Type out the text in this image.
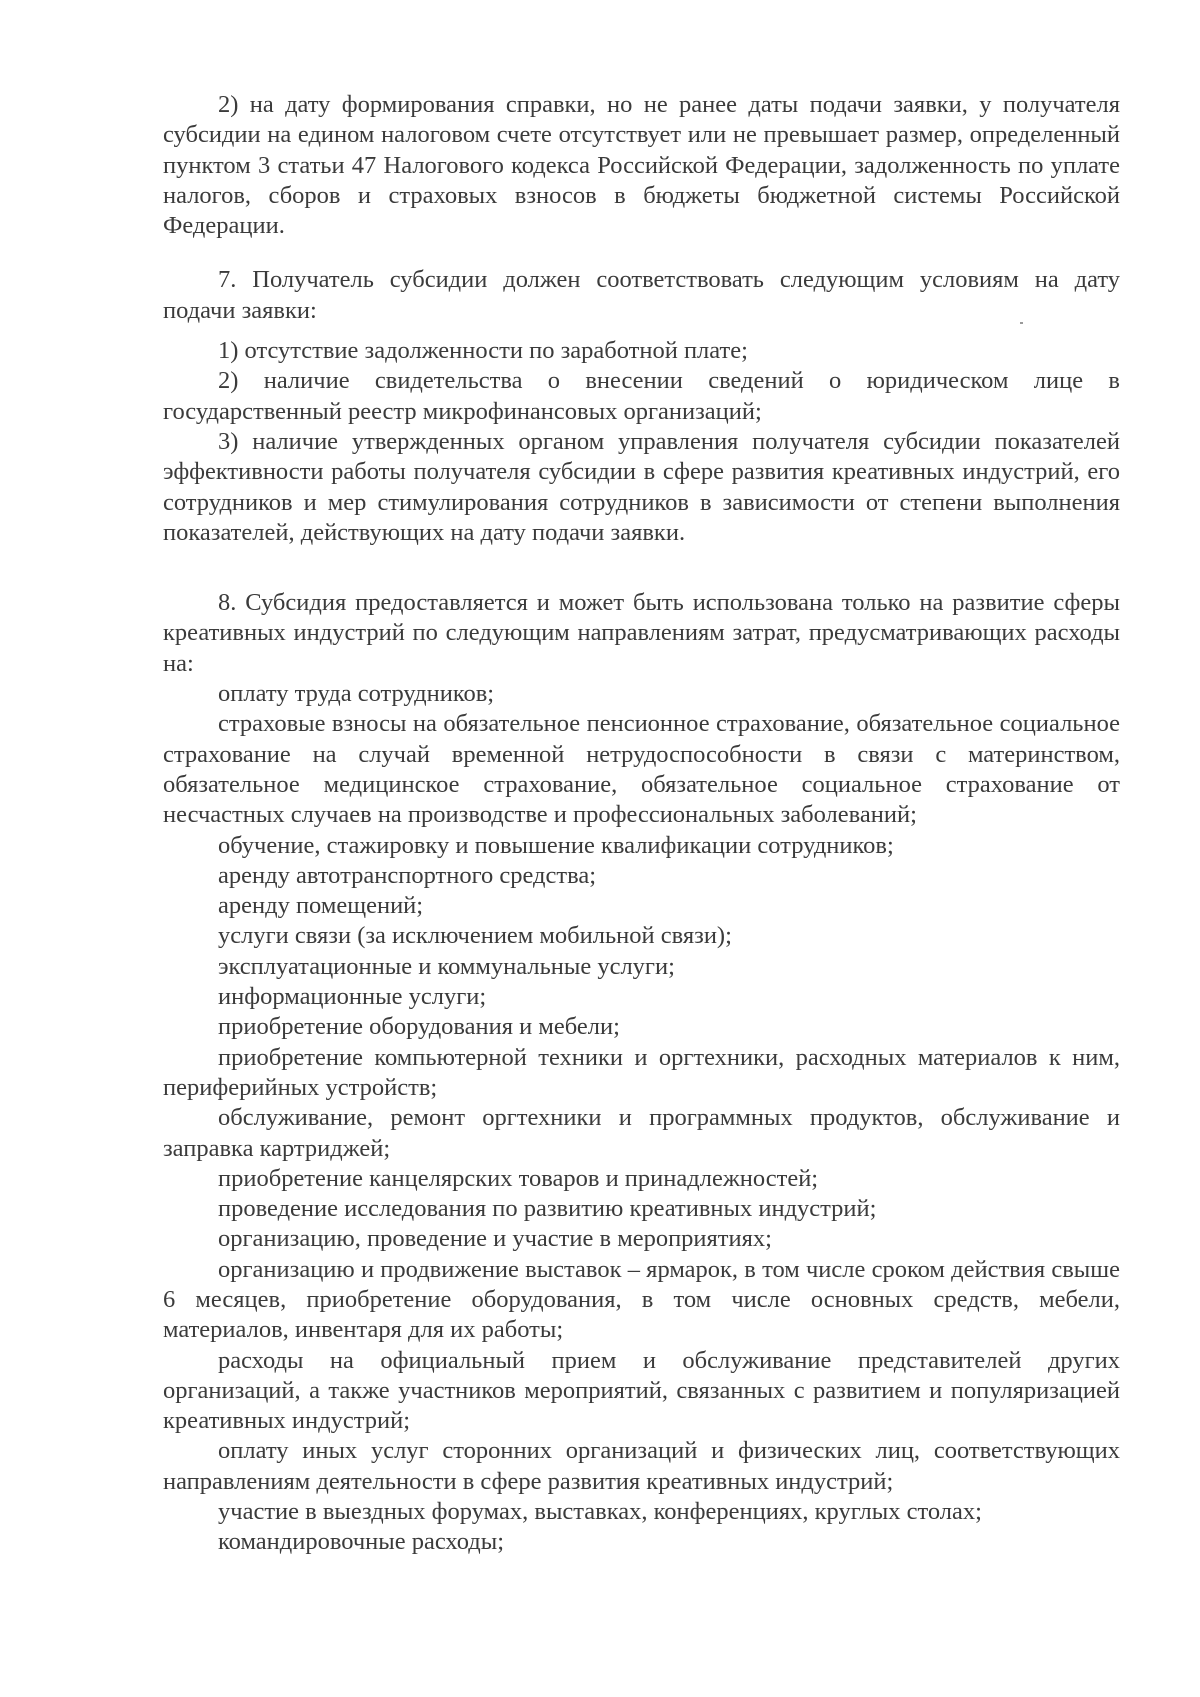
2) на дату формирования справки, но не ранее даты подачи заявки, у получателя субсидии на едином налоговом счете отсутствует или не превышает размер, определенный пунктом 3 статьи 47 Налогового кодекса Российской Федерации, задолженность по уплате налогов, сборов и страховых взносов в бюджеты бюджетной системы Российской Федерации.

7. Получатель субсидии должен соответствовать следующим условиям на дату подачи заявки:

1) отсутствие задолженности по заработной плате;

2) наличие свидетельства о внесении сведений о юридическом лице в государственный реестр микрофинансовых организаций;

3) наличие утвержденных органом управления получателя субсидии показателей эффективности работы получателя субсидии в сфере развития креативных индустрий, его сотрудников и мер стимулирования сотрудников в зависимости от степени выполнения показателей, действующих на дату подачи заявки.

8. Субсидия предоставляется и может быть использована только на развитие сферы креативных индустрий по следующим направлениям затрат, предусматривающих расходы на:

оплату труда сотрудников;
страховые взносы на обязательное пенсионное страхование, обязательное социальное страхование на случай временной нетрудоспособности в связи с материнством, обязательное медицинское страхование, обязательное социальное страхование от несчастных случаев на производстве и профессиональных заболеваний;
обучение, стажировку и повышение квалификации сотрудников;
аренду автотранспортного средства;
аренду помещений;
услуги связи (за исключением мобильной связи);
эксплуатационные и коммунальные услуги;
информационные услуги;
приобретение оборудования и мебели;
приобретение компьютерной техники и оргтехники, расходных материалов к ним, периферийных устройств;
обслуживание, ремонт оргтехники и программных продуктов, обслуживание и заправка картриджей;
приобретение канцелярских товаров и принадлежностей;
проведение исследования по развитию креативных индустрий;
организацию, проведение и участие в мероприятиях;
организацию и продвижение выставок – ярмарок, в том числе сроком действия свыше 6 месяцев, приобретение оборудования, в том числе основных средств, мебели, материалов, инвентаря для их работы;
расходы на официальный прием и обслуживание представителей других организаций, а также участников мероприятий, связанных с развитием и популяризацией креативных индустрий;
оплату иных услуг сторонних организаций и физических лиц, соответствующих направлениям деятельности в сфере развития креативных индустрий;
участие в выездных форумах, выставках, конференциях, круглых столах;
командировочные расходы;
